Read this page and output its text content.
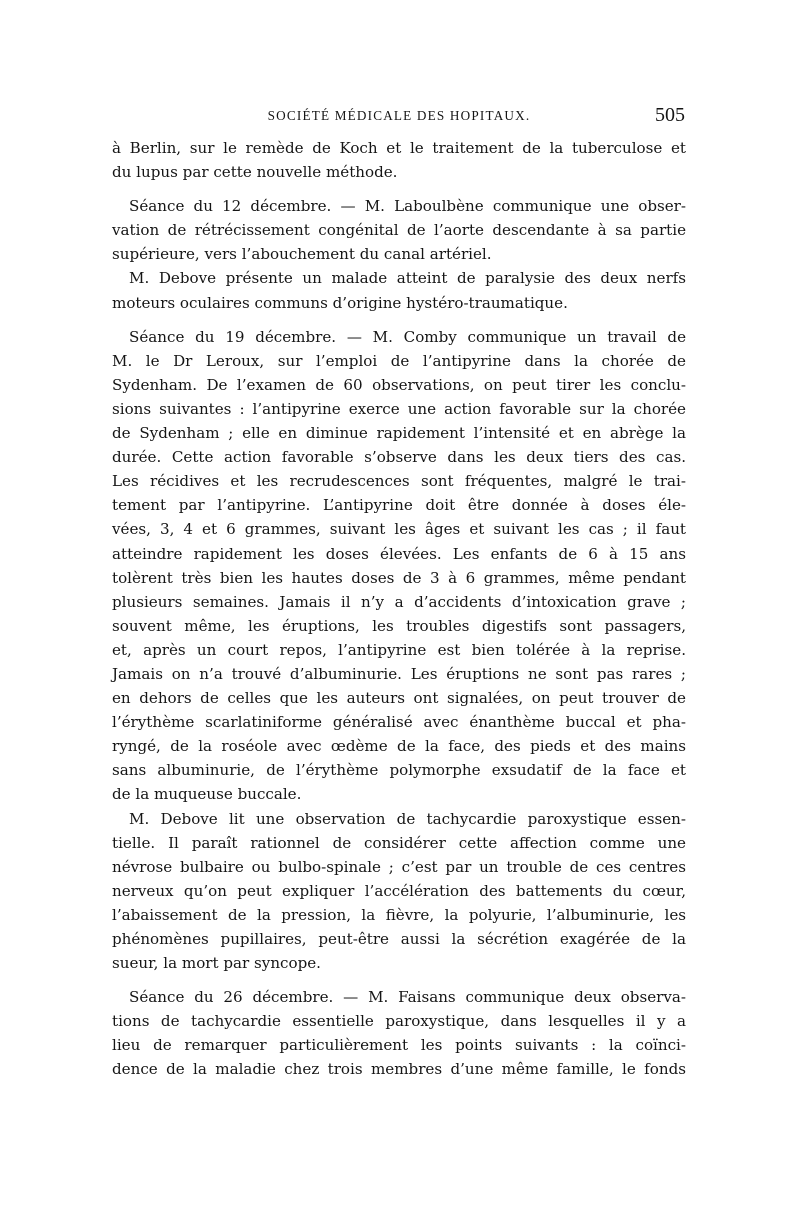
SOCIÉTÉ MÉDICALE DES HOPITAUX.	505
à Berlin, sur le remède de Koch et le traitement de la tuberculose et
du lupus par cette nouvelle méthode.
Séance du 12 décembre. — M. Laboulbène communique une obser-
vation de rétrécissement congénital de l’aorte descendante à sa partie
supérieure, vers l’abouchement du canal artériel.
M. Debove présente un malade atteint de paralysie des deux nerfs
moteurs oculaires communs d’origine hystéro-traumatique.
Séance du 19 décembre. — M. Comby communique un travail de
M. le Dr Leroux, sur l’emploi de l’antipyrine dans la chorée de
Sydenham. De l’examen de 60 observations, on peut tirer les conclu-
sions suivantes : l’antipyrine exerce une action favorable sur la chorée
de Sydenham ; elle en diminue rapidement l’intensité et en abrège la
durée. Cette action favorable s’observe dans les deux tiers des cas.
Les récidives et les recrudescences sont fréquentes, malgré le trai-
tement par l’antipyrine. L’antipyrine doit être donnée à doses éle-
vées, 3, 4 et 6 grammes, suivant les âges et suivant les cas ; il faut
atteindre rapidement les doses élevées. Les enfants de 6 à 15 ans
tolèrent très bien les hautes doses de 3 à 6 grammes, même pendant
plusieurs semaines. Jamais il n’y a d’accidents d’intoxication grave ;
souvent même, les éruptions, les troubles digestifs sont passagers,
et, après un court repos, l’antipyrine est bien tolérée à la reprise.
Jamais on n’a trouvé d’albuminurie. Les éruptions ne sont pas rares ;
en dehors de celles que les auteurs ont signalées, on peut trouver de
l’érythème scarlatiniforme généralisé avec énanthème buccal et pha-
ryngé, de la roséole avec œdème de la face, des pieds et des mains
sans albuminurie, de l’érythème polymorphe exsudatif de la face et
de la muqueuse buccale.
M. Debove lit une observation de tachycardie paroxystique essen-
tielle. Il paraît rationnel de considérer cette affection comme une
névrose bulbaire ou bulbo-spinale ; c’est par un trouble de ces centres
nerveux qu’on peut expliquer l’accélération des battements du cœur,
l’abaissement de la pression, la fièvre, la polyurie, l’albuminurie, les
phénomènes pupillaires, peut-être aussi la sécrétion exagérée de la
sueur, la mort par syncope.
Séance du 26 décembre. — M. Faisans communique deux observa-
tions de tachycardie essentielle paroxystique, dans lesquelles il y a
lieu de remarquer particulièrement les points suivants : la coïnci-
dence de la maladie chez trois membres d’une même famille, le fonds
